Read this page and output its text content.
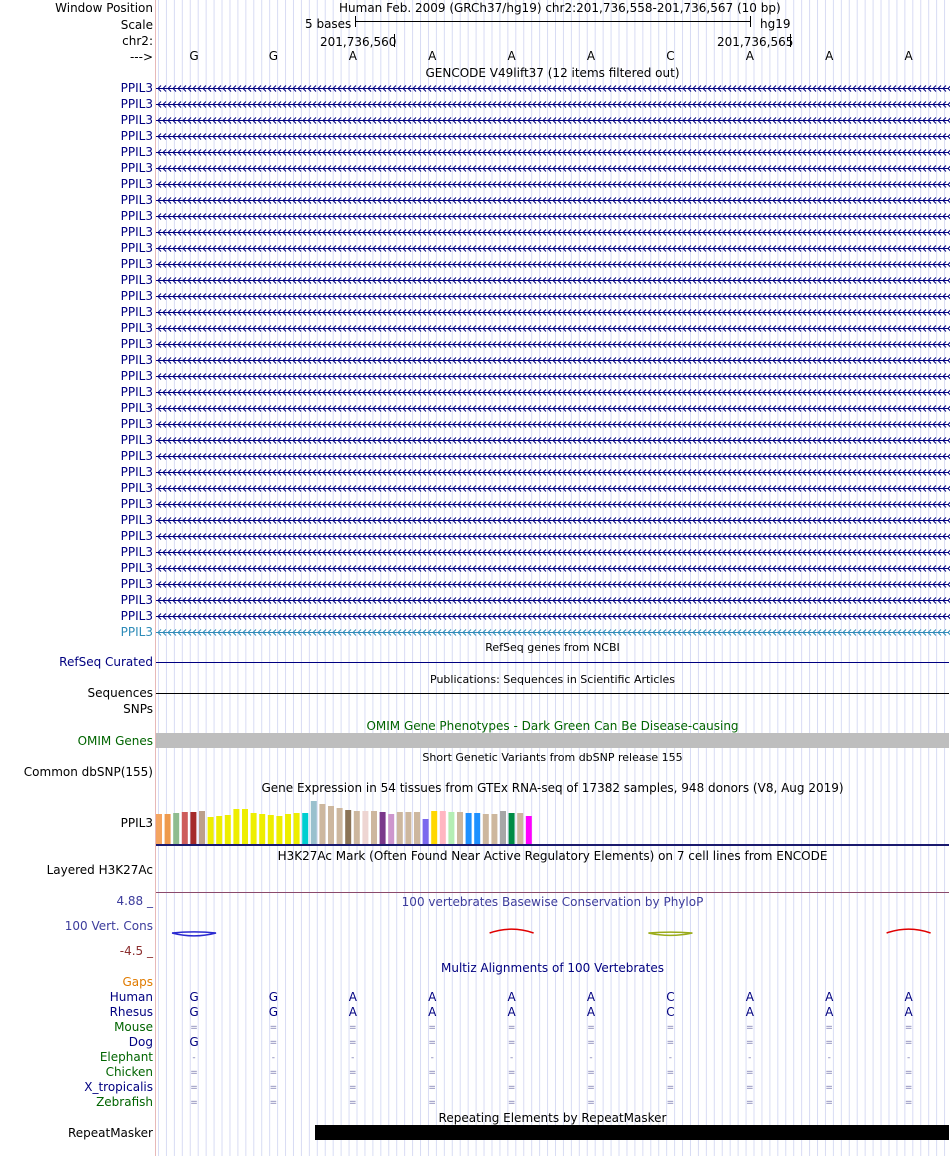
Window Position	Human Feb. 2009 (GRCh37/hg19) chr2:201,736,558-201,736,567 (10 bp)
Scale	5 bases	hg19
chr2:	201,736,560	201,736,565
--->
GENCODE V49lift37 (12 items filtered out)
RefSeq genes from NCBI
RefSeq Curated
Publications: Sequences in Scientific Articles
Sequences
SNPs
OMIM Gene Phenotypes - Dark Green Can Be Disease-causing
OMIM Genes
Short Genetic Variants from dbSNP release 155
Common dbSNP(155)
Gene Expression in 54 tissues from GTEx RNA-seq of 17382 samples, 948 donors (V8, Aug 2019)
PPIL3
H3K27Ac Mark (Often Found Near Active Regulatory Elements) on 7 cell lines from ENCODE
Layered H3K27Ac
100 vertebrates Basewise Conservation by PhyloP
4.88 _
100 Vert. Cons
-4.5 _
Multiz Alignments of 100 Vertebrates
Gaps
Repeating Elements by RepeatMasker
RepeatMasker
G	G	A	A	A	A	C	A	A	A
PPIL3
PPIL3
PPIL3
PPIL3
PPIL3
PPIL3
PPIL3
PPIL3
PPIL3
PPIL3
PPIL3
PPIL3
PPIL3
PPIL3
PPIL3
PPIL3
PPIL3
PPIL3
PPIL3
PPIL3
PPIL3
PPIL3
PPIL3
PPIL3
PPIL3
PPIL3
PPIL3
PPIL3
PPIL3
PPIL3
PPIL3
PPIL3
PPIL3
PPIL3
PPIL3
Human	G	G	A	A	A	A	C	A	A	A
Rhesus	G	G	A	A	A	A	C	A	A	A
Mouse	=	=	=	=	=	=	=	=	=	=
Dog	G	=	=	=	=	=	=	=	=	=
Elephant	-	-	-	-	-	-	-	-	-	-
Chicken	=	=	=	=	=	=	=	=	=	=
X_tropicalis	=	=	=	=	=	=	=	=	=	=
Zebrafish	=	=	=	=	=	=	=	=	=	=
